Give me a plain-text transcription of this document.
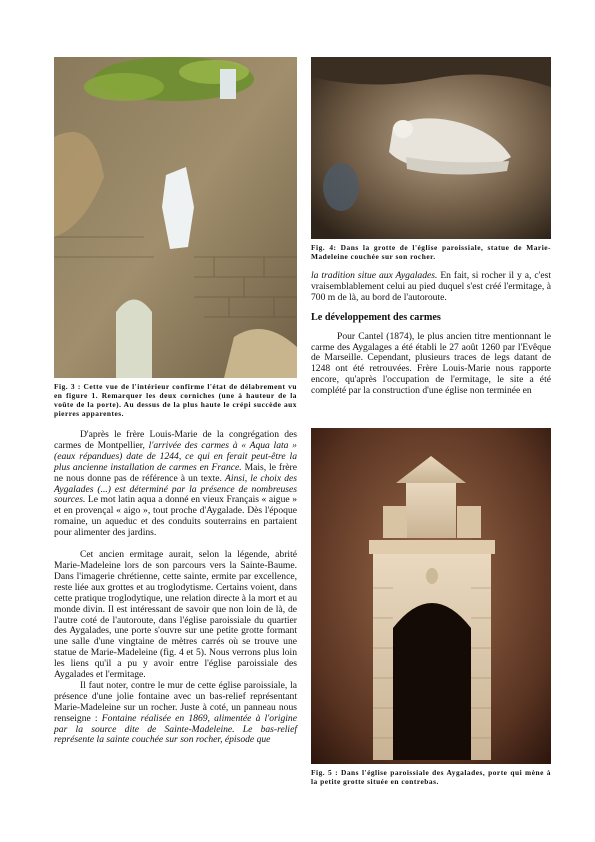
Fig. 3 : Cette vue de l'intérieur confirme l'état de délabrement vu en figure 1. Remarquer les deux corniches (une à hauteur de la voûte de la porte). Au dessus de la plus haute le crépi succède aux pierres apparentes.
Fig. 4: Dans la grotte de l'église paroissiale, statue de Marie-Madeleine couchée sur son rocher.

D'après le frère Louis-Marie de la congrégation des carmes de Montpellier, l'arrivée des carmes à « Aqua lata » (eaux répandues) date de 1244, ce qui en ferait peut-être la plus ancienne installation de carmes en France. Mais, le frère ne nous donne pas de référence à un texte. Ainsi, le choix des Aygalades (...) est déterminé par la présence de nombreuses sources. Le mot latin aqua a donné en vieux Français « aigue » et en provençal « aigo », tout proche d'Aygalade. Dès l'époque romaine, un aqueduc et des conduits souterrains en partaient pour alimenter des jardins.

Cet ancien ermitage aurait, selon la légende, abrité Marie-Madeleine lors de son parcours vers la Sainte-Baume. Dans l'imagerie chrétienne, cette sainte, ermite par excellence, reste liée aux grottes et au troglodytisme. Certains voient, dans cette pratique troglodytique, une relation directe à la mort et au monde divin. Il est intéressant de savoir que non loin de là, de l'autre coté de l'autoroute, dans l'église paroissiale du quartier des Aygalades, une porte s'ouvre sur une petite grotte formant une salle d'une vingtaine de mètres carrés où se trouve une statue de Marie-Madeleine (fig. 4 et 5). Nous verrons plus loin les liens qu'il a pu y avoir entre l'église paroissiale des Aygalades et l'ermitage.

Il faut noter, contre le mur de cette église paroissiale, la présence d'une jolie fontaine avec un bas-relief représentant Marie-Madeleine sur un rocher. Juste à coté, un panneau nous renseigne : Fontaine réalisée en 1869, alimentée à l'origine par la source dite de Sainte-Madeleine. Le bas-relief représente la sainte couchée sur son rocher, épisode que

la tradition situe aux Aygalades. En fait, si rocher il y a, c'est vraisemblablement celui au pied duquel s'est créé l'ermitage, à 700 m de là, au bord de l'autoroute.

Le développement des carmes

Pour Cantel (1874), le plus ancien titre mentionnant le carme des Aygalages a été établi le 27 août 1260 par l'Evêque de Marseille. Cependant, plusieurs traces de legs datant de 1248 ont été retrouvées. Frère Louis-Marie nous rapporte encore, qu'après l'occupation de l'ermitage, le site a été complété par la construction d'une église non terminée en

Fig. 5 : Dans l'église paroissiale des Aygalades, porte qui mène à la petite grotte située en contrebas.
